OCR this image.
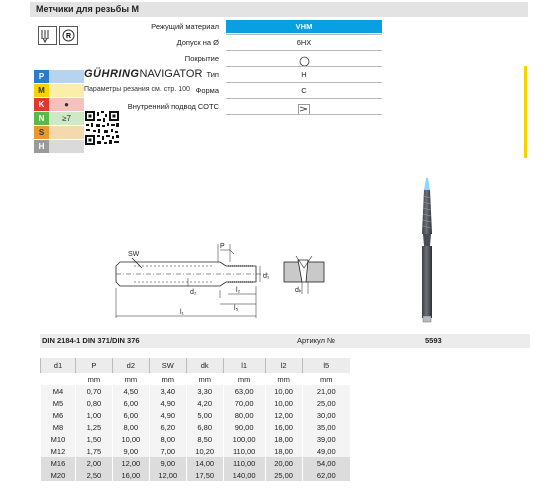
Метчики для резьбы М
R
P
M
K	●
N	≥7
S
H
GÜHRINGNAVIGATOR
Параметры резания см. стр. 100
Режущий материал	VHM
Допуск на Ø	6HX
Покрытие
Тип	H
Форма	C
Внутренний подвод СОТС
SW
P
d₂
d₁
l₂
l₅
l₁
dₖ
DIN 2184-1 DIN 371/DIN 376	Артикул №	5593
d1	P	d2	SW	dk	l1	l2	l5
	mm	mm	mm	mm	mm	mm	mm
M4	0,70	4,50	3,40	3,30	63,00	10,00	21,00
M5	0,80	6,00	4,90	4,20	70,00	10,00	25,00
M6	1,00	6,00	4,90	5,00	80,00	12,00	30,00
M8	1,25	8,00	6,20	6,80	90,00	16,00	35,00
M10	1,50	10,00	8,00	8,50	100,00	18,00	39,00
M12	1,75	9,00	7,00	10,20	110,00	18,00	49,00
M16	2,00	12,00	9,00	14,00	110,00	20,00	54,00
M20	2,50	16,00	12,00	17,50	140,00	25,00	62,00
